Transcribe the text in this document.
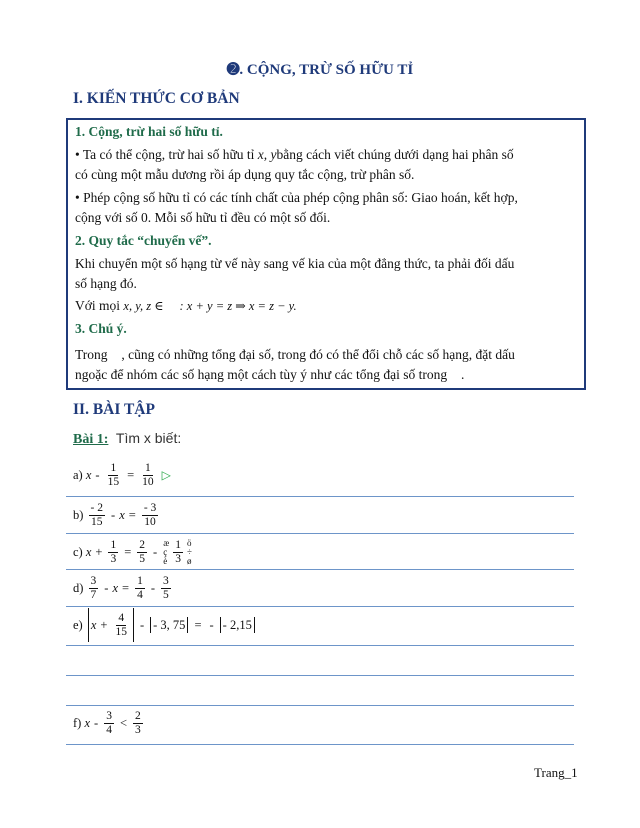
➋. CỘNG, TRỪ SỐ HỮU TỈ
I. KIẾN THỨC CƠ BẢN
1. Cộng, trừ hai số hữu tỉ.
• Ta có thể cộng, trừ hai số hữu tỉ x, ybằng cách viết chúng dưới dạng hai phân số
có cùng một mẫu dương rồi áp dụng quy tắc cộng, trừ phân số.
• Phép cộng số hữu tỉ có các tính chất của phép cộng phân số: Giao hoán, kết hợp,
cộng với số 0. Mỗi số hữu tỉ đều có một số đối.
2. Quy tắc “chuyển vế”.
Khi chuyển một số hạng từ vế này sang vế kia của một đẳng thức, ta phải đối dấu
số hạng đó.
Với mọi x, y, z ∈ ⃞ : x + y = z ⇒ x = z − y.
3. Chú ý.
Trong ⃞, cũng có những tổng đại số, trong đó có thể đổi chỗ các số hạng, đặt dấu
ngoặc để nhóm các số hạng một cách tùy ý như các tổng đại số trong ⃞.
II. BÀI TẬP
Bài 1: Tìm x biết:
a)
$x - \frac{1}{15} = \frac{1}{10}$ ▷
b)
$\frac{- 2}{15} - x = \frac{- 3}{10}$
c)
$x + \frac{1}{3} = \frac{2}{5}$ -
æ
ç
è $\frac{1}{3}$ ö
÷
ø
d)
$\frac{3}{7} - x = \frac{1}{4} - \frac{3}{5}$
e)
$x + \frac{4}{15}$ - - 3, 75 = - - 2,15
f)
$x - \frac{3}{4} < \frac{2}{3}$
Trang_1
